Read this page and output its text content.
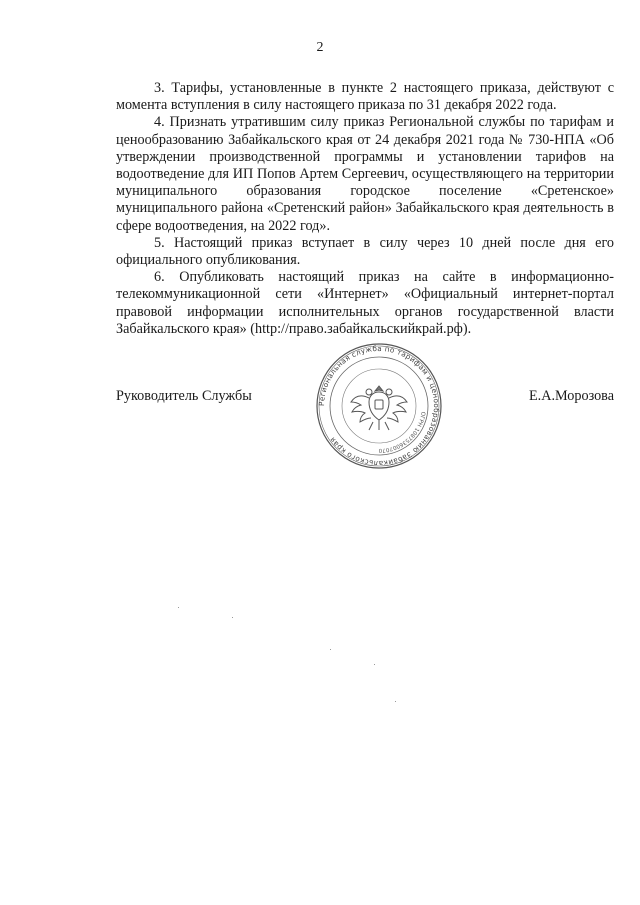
2

3. Тарифы, установленные в пункте 2 настоящего приказа, действуют с момента вступления в силу настоящего приказа по 31 декабря 2022 года.

4. Признать утратившим силу приказ Региональной службы по тарифам и ценообразованию Забайкальского края от 24 декабря 2021 года № 730-НПА «Об утверждении производственной программы и установлении тарифов на водоотведение для ИП Попов Артем Сергеевич, осуществляющего на территории муниципального образования городское поселение «Сретенское» муниципального района «Сретенский район» Забайкальского края деятельность в сфере водоотведения, на 2022 год».

5. Настоящий приказ вступает в силу через 10 дней после дня его официального опубликования.

6. Опубликовать настоящий приказ на сайте в информационно-телекоммуникационной сети «Интернет» «Официальный интернет-портал правовой информации исполнительных органов государственной власти Забайкальского края» (http://право.забайкальскийкрай.рф).

Руководитель Службы	Е.А.Морозова
Региональная служба по тарифам и ценообразованию Забайкальского края
ОГРН 1087536007070
